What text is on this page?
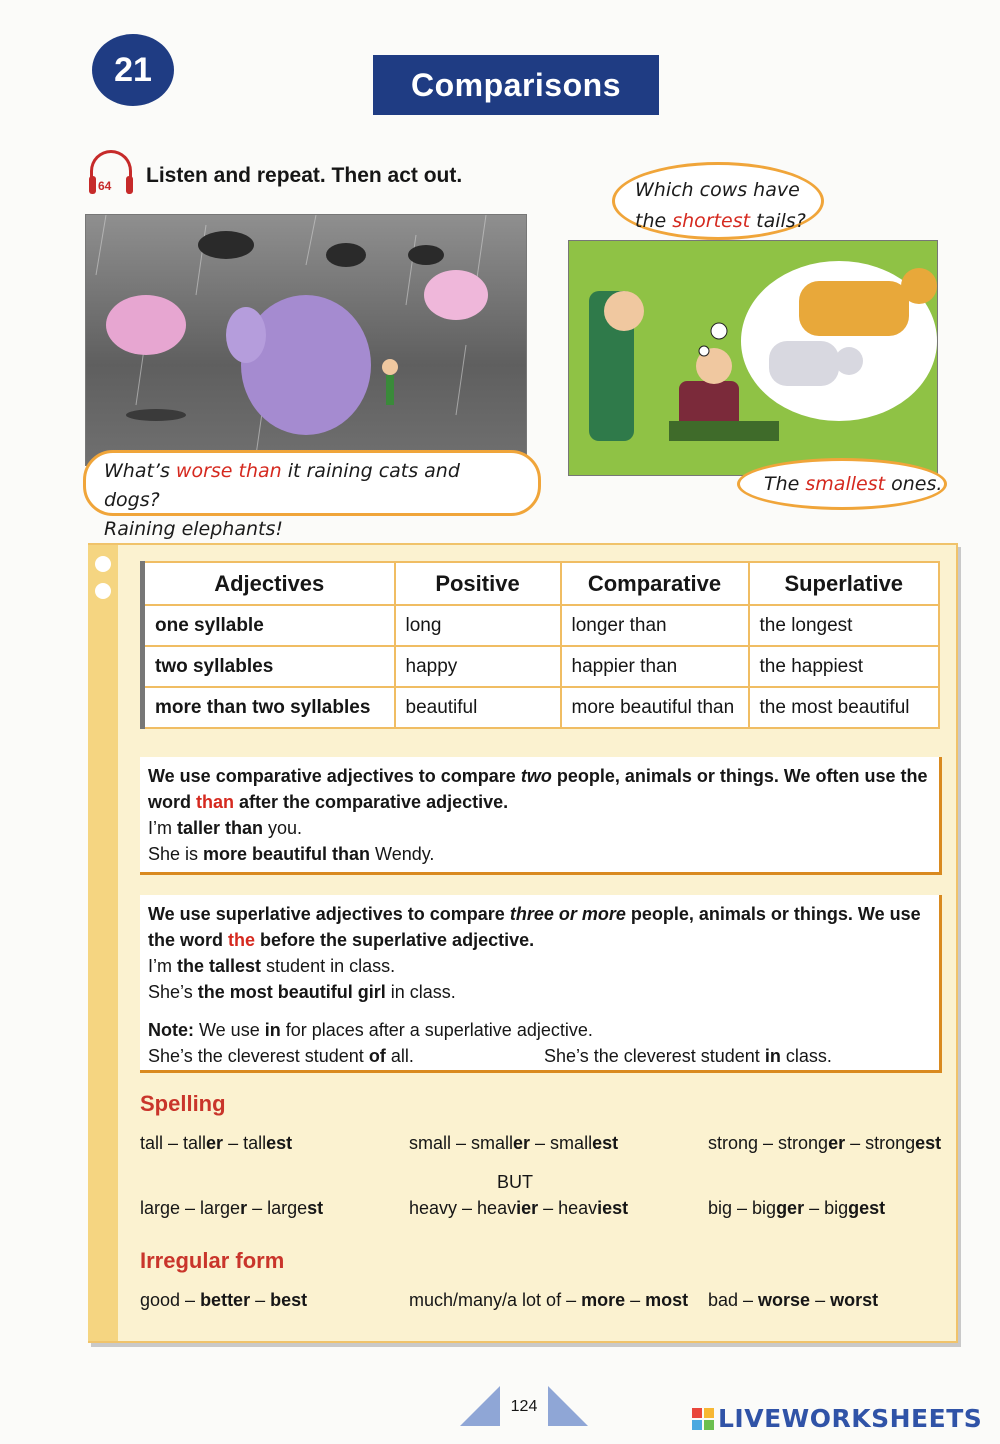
21	Comparisons
64 Listen and repeat. Then act out.
What’s worse than it raining cats and dogs?
Raining elephants!
Which cows have
the shortest tails?
The smallest ones.
Adjectives	Positive	Comparative	Superlative
one syllable	long	longer than	the longest
two syllables	happy	happier than	the happiest
more than two syllables	beautiful	more beautiful than	the most beautiful
We use comparative adjectives to compare two people, animals or things. We often use the word than after the comparative adjective.
I’m taller than you.
She is more beautiful than Wendy.
We use superlative adjectives to compare three or more people, animals or things. We use the word the before the superlative adjective.
I’m the tallest student in class.
She’s the most beautiful girl in class.
Note: We use in for places after a superlative adjective.
She’s the cleverest student of all.	She’s the cleverest student in class.
Spelling
tall – taller – tallest	small – smaller – smallest	strong – stronger – strongest
BUT
large – larger – largest	heavy – heavier – heaviest	big – bigger – biggest
Irregular form
good – better – best	much/many/a lot of – more – most bad – worse – worst
124	LIVEWORKSHEETS
